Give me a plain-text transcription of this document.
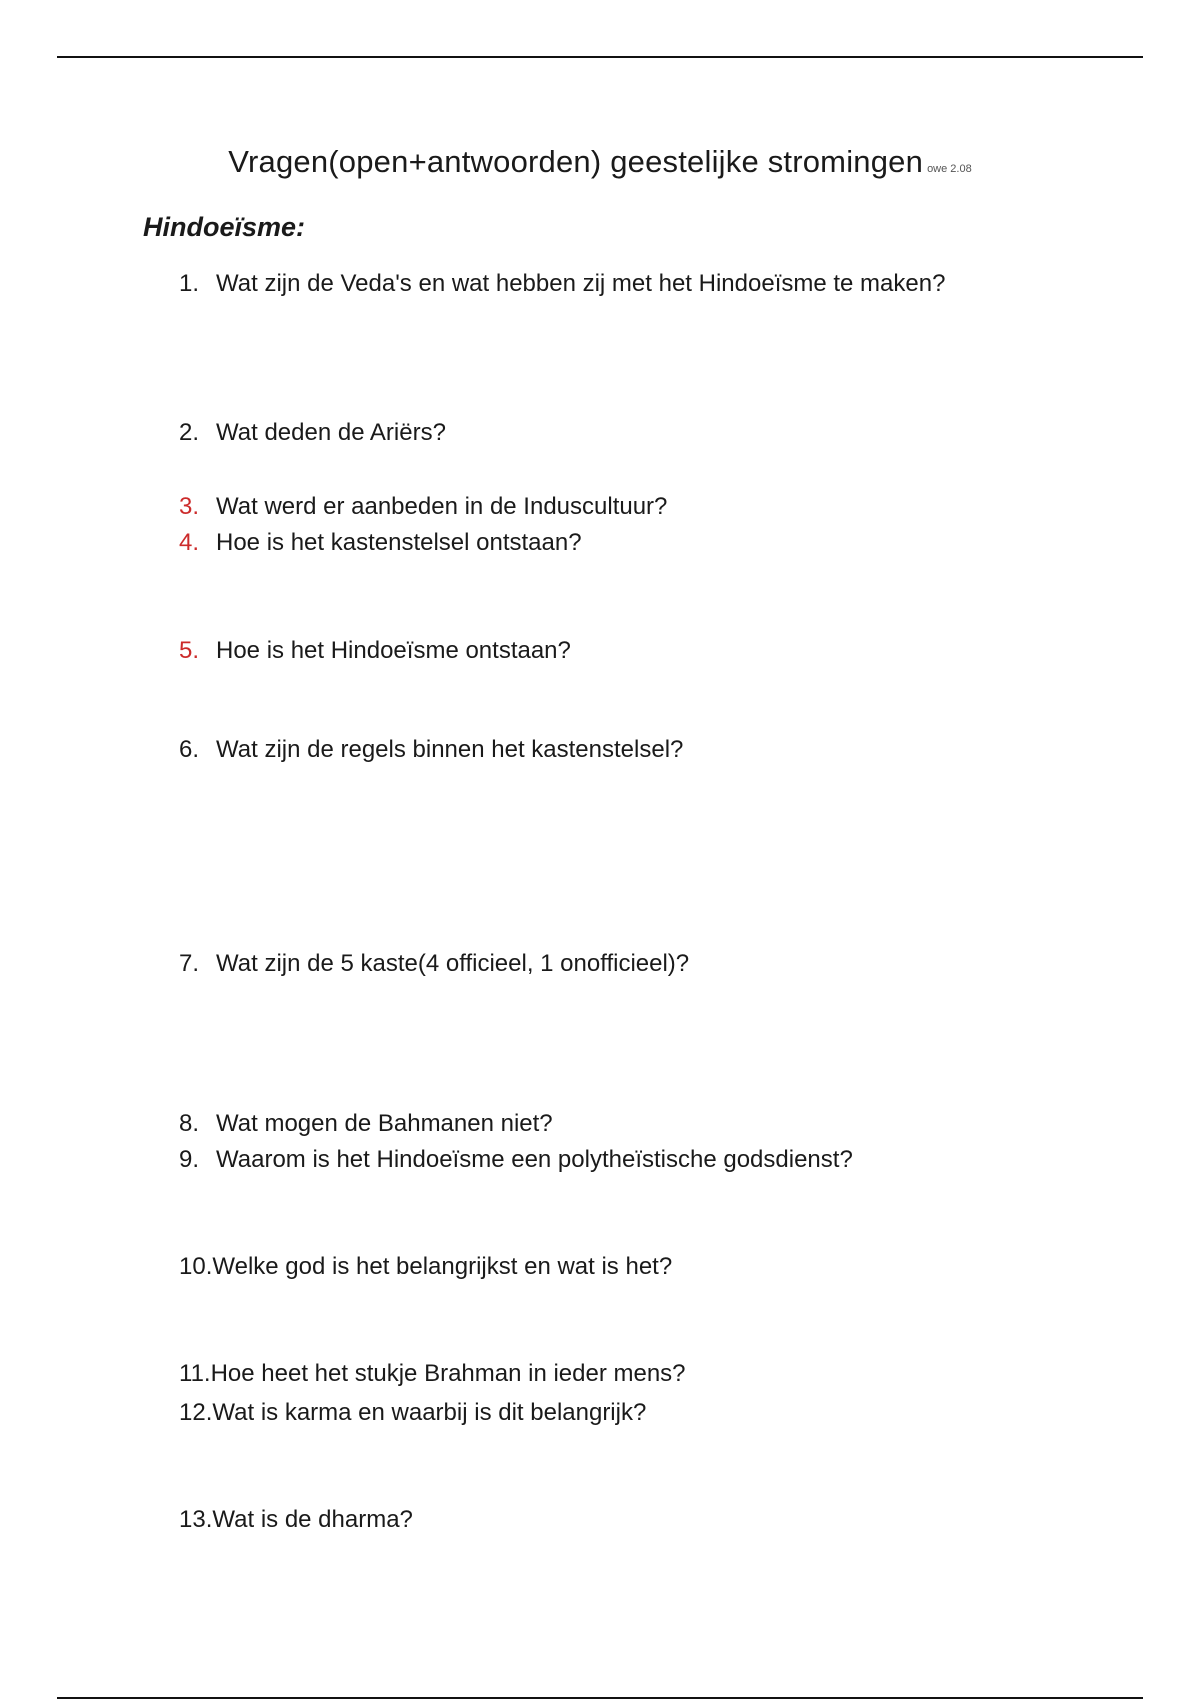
Vragen(open+antwoorden) geestelijke stromingen owe 2.08
Hindoeïsme:
1. Wat zijn de Veda's en wat hebben zij met het Hindoeïsme te maken?
2. Wat deden de Ariërs?
3. Wat werd er aanbeden in de Induscultuur?
4. Hoe is het kastenstelsel ontstaan?
5. Hoe is het Hindoeïsme ontstaan?
6. Wat zijn de regels binnen het kastenstelsel?
7. Wat zijn de 5 kaste(4 officieel, 1 onofficieel)?
8. Wat mogen de Bahmanen niet?
9. Waarom is het Hindoeïsme een polytheïstische godsdienst?
10.Welke god is het belangrijkst en wat is het?
11.Hoe heet het stukje Brahman in ieder mens?
12.Wat is karma en waarbij is dit belangrijk?
13.Wat is de dharma?
